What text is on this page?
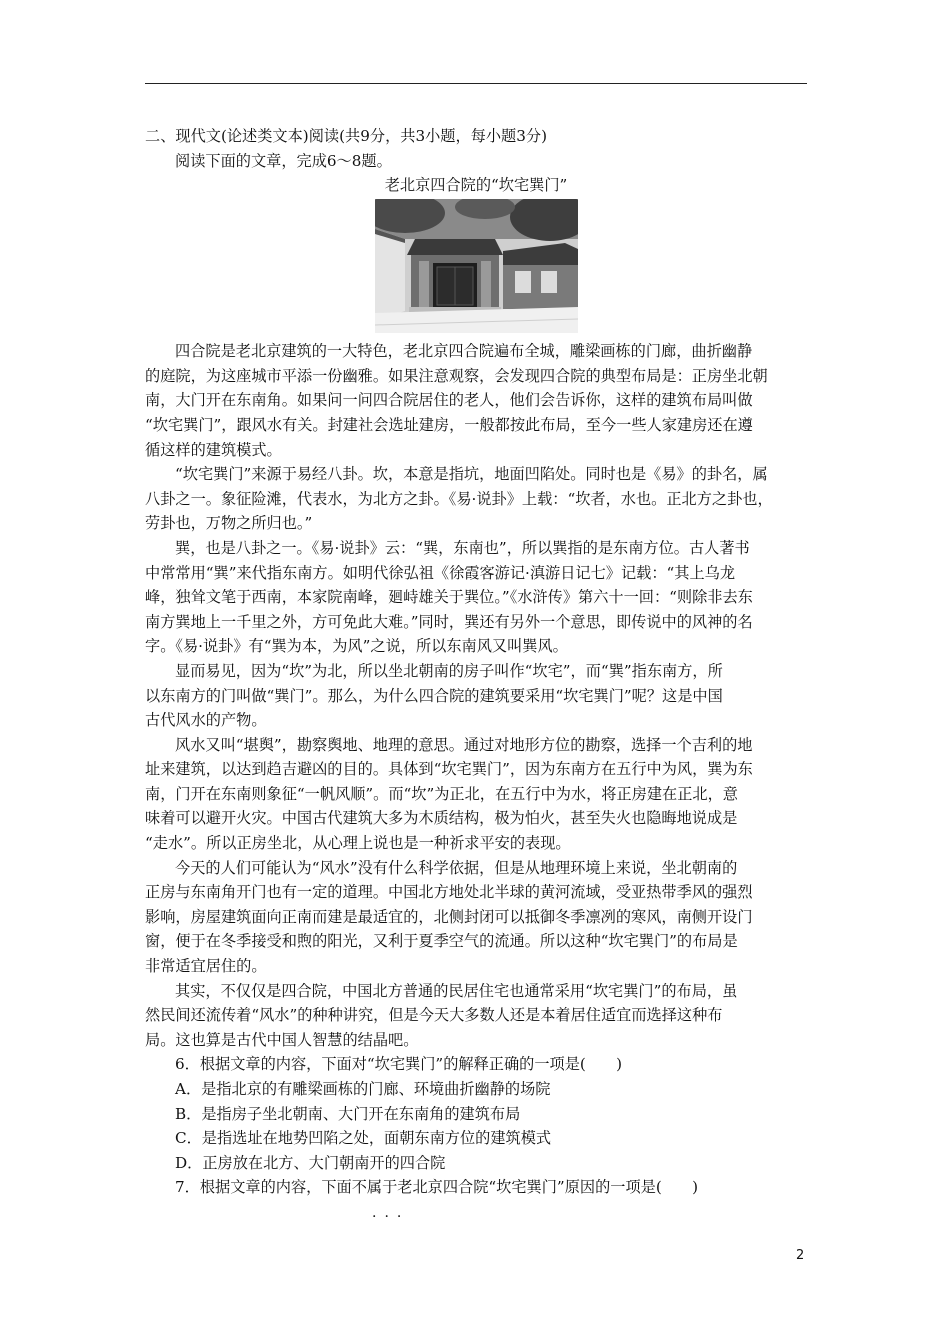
二、现代文(论述类文本)阅读(共9分，共3小题，每小题3分)
阅读下面的文章，完成6～8题。
老北京四合院的“坎宅巽门”
四合院是老北京建筑的一大特色，老北京四合院遍布全城，雕梁画栋的门廊，曲折幽静
的庭院，为这座城市平添一份幽雅。如果注意观察，会发现四合院的典型布局是：正房坐北朝
南，大门开在东南角。如果问一问四合院居住的老人，他们会告诉你，这样的建筑布局叫做
“坎宅巽门”，跟风水有关。封建社会选址建房，一般都按此布局，至今一些人家建房还在遵
循这样的建筑模式。
“坎宅巽门”来源于易经八卦。坎，本意是指坑，地面凹陷处。同时也是《易》的卦名，属
八卦之一。象征险滩，代表水，为北方之卦。《易·说卦》上载：“坎者，水也。正北方之卦也，
劳卦也，万物之所归也。”
巽，也是八卦之一。《易·说卦》云：“巽，东南也”，所以巽指的是东南方位。古人著书
中常常用“巽”来代指东南方。如明代徐弘祖《徐霞客游记·滇游日记七》记载：“其上乌龙
峰，独耸文笔于西南，本家院南峰，廻峙雄关于巽位。”《水浒传》第六十一回：“则除非去东
南方巽地上一千里之外，方可免此大难。”同时，巽还有另外一个意思，即传说中的风神的名
字。《易·说卦》有“巽为本，为风”之说，所以东南风又叫巽风。
显而易见，因为“坎”为北，所以坐北朝南的房子叫作“坎宅”，而“巽”指东南方，所
以东南方的门叫做“巽门”。那么，为什么四合院的建筑要采用“坎宅巽门”呢？这是中国
古代风水的产物。
风水又叫“堪舆”，勘察舆地、地理的意思。通过对地形方位的勘察，选择一个吉利的地
址来建筑，以达到趋吉避凶的目的。具体到“坎宅巽门”，因为东南方在五行中为风，巽为东
南，门开在东南则象征“一帆风顺”。而“坎”为正北，在五行中为水，将正房建在正北，意
味着可以避开火灾。中国古代建筑大多为木质结构，极为怕火，甚至失火也隐晦地说成是
“走水”。所以正房坐北，从心理上说也是一种祈求平安的表现。
今天的人们可能认为“风水”没有什么科学依据，但是从地理环境上来说，坐北朝南的
正房与东南角开门也有一定的道理。中国北方地处北半球的黄河流域，受亚热带季风的强烈
影响，房屋建筑面向正南而建是最适宜的，北侧封闭可以抵御冬季凛冽的寒风，南侧开设门
窗，便于在冬季接受和煦的阳光，又利于夏季空气的流通。所以这种“坎宅巽门”的布局是
非常适宜居住的。
其实，不仅仅是四合院，中国北方普通的民居住宅也通常采用“坎宅巽门”的布局，虽
然民间还流传着“风水”的种种讲究，但是今天大多数人还是本着居住适宜而选择这种布
局。这也算是古代中国人智慧的结晶吧。
6．根据文章的内容，下面对“坎宅巽门”的解释正确的一项是(　　)
A．是指北京的有雕梁画栋的门廊、环境曲折幽静的场院
B．是指房子坐北朝南、大门开在东南角的建筑布局
C．是指选址在地势凹陷之处，面朝东南方位的建筑模式
D．正房放在北方、大门朝南开的四合院
7．根据文章的内容，下面不属于老北京四合院“坎宅巽门”原因的一项是(　　)
···
2
